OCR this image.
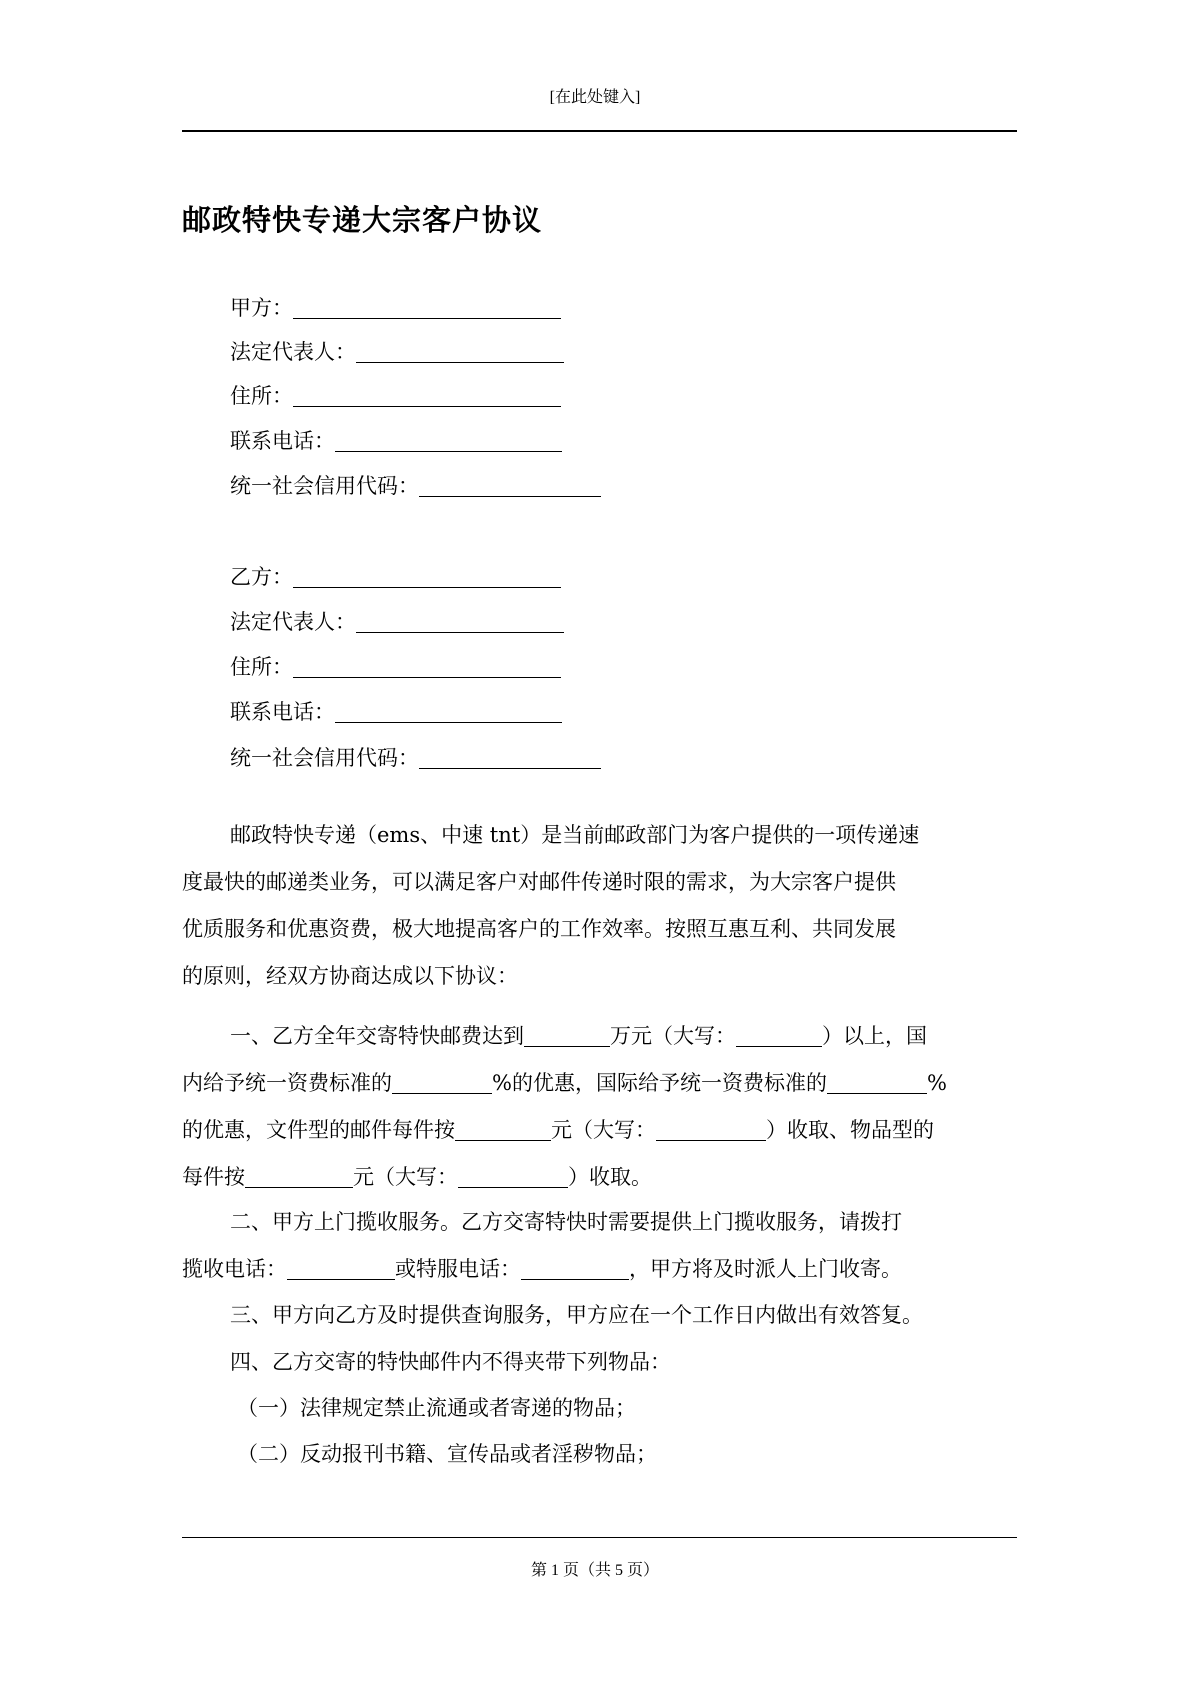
[在此处键入]
邮政特快专递大宗客户协议
甲方：
法定代表人：
住所：
联系电话：
统一社会信用代码：
乙方：
法定代表人：
住所：
联系电话：
统一社会信用代码：
邮政特快专递（ems、中速 tnt）是当前邮政部门为客户提供的一项传递速
度最快的邮递类业务，可以满足客户对邮件传递时限的需求，为大宗客户提供
优质服务和优惠资费，极大地提高客户的工作效率。按照互惠互利、共同发展
的原则，经双方协商达成以下协议：
一、乙方全年交寄特快邮费达到	万元（大写：	）以上，国
内给予统一资费标准的	%的优惠，国际给予统一资费标准的	%
的优惠，文件型的邮件每件按	元（大写：	）收取、物品型的
每件按	元（大写：	）收取。
二、甲方上门揽收服务。乙方交寄特快时需要提供上门揽收服务，请拨打
揽收电话：	或特服电话：	，甲方将及时派人上门收寄。
三、甲方向乙方及时提供查询服务，甲方应在一个工作日内做出有效答复。
四、乙方交寄的特快邮件内不得夹带下列物品：
（一）法律规定禁止流通或者寄递的物品；
（二）反动报刊书籍、宣传品或者淫秽物品；
第 1 页（共 5 页）
